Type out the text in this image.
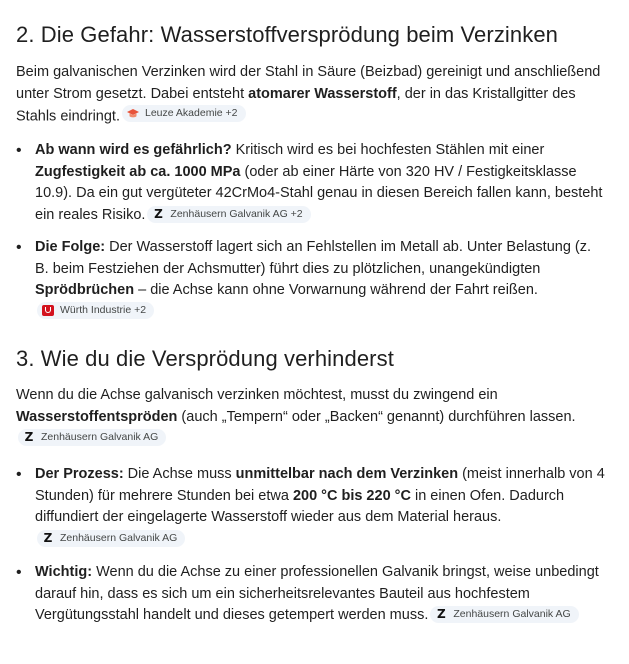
2. Die Gefahr: Wasserstoffversprödung beim Verzinken
Beim galvanischen Verzinken wird der Stahl in Säure (Beizbad) gereinigt und anschließend unter Strom gesetzt. Dabei entsteht atomarer Wasserstoff, der in das Kristallgitter des Stahls eindringt. Leuze Akademie +2
• Ab wann wird es gefährlich? Kritisch wird es bei hochfesten Stählen mit einer Zugfestigkeit ab ca. 1000 MPa (oder ab einer Härte von 320 HV / Festigkeitsklasse 10.9). Da ein gut vergüteter 42CrMo4-Stahl genau in diesen Bereich fallen kann, besteht ein reales Risiko. Z Zenhäusern Galvanik AG +2
• Die Folge: Der Wasserstoff lagert sich an Fehlstellen im Metall ab. Unter Belastung (z. B. beim Festziehen der Achsmutter) führt dies zu plötzlichen, unangekündigten Sprödbrüchen – die Achse kann ohne Vorwarnung während der Fahrt reißen.
Würth Industrie +2
3. Wie du die Versprödung verhinderst
Wenn du die Achse galvanisch verzinken möchtest, musst du zwingend ein Wasserstoffentspröden (auch „Tempern“ oder „Backen“ genannt) durchführen lassen.
Z Zenhäusern Galvanik AG
• Der Prozess: Die Achse muss unmittelbar nach dem Verzinken (meist innerhalb von 4 Stunden) für mehrere Stunden bei etwa 200 °C bis 220 °C in einen Ofen. Dadurch diffundiert der eingelagerte Wasserstoff wieder aus dem Material heraus.
Z Zenhäusern Galvanik AG
• Wichtig: Wenn du die Achse zu einer professionellen Galvanik bringst, weise unbedingt darauf hin, dass es sich um ein sicherheitsrelevantes Bauteil aus hochfestem Vergütungsstahl handelt und dieses getempert werden muss. Z Zenhäusern Galvanik AG
